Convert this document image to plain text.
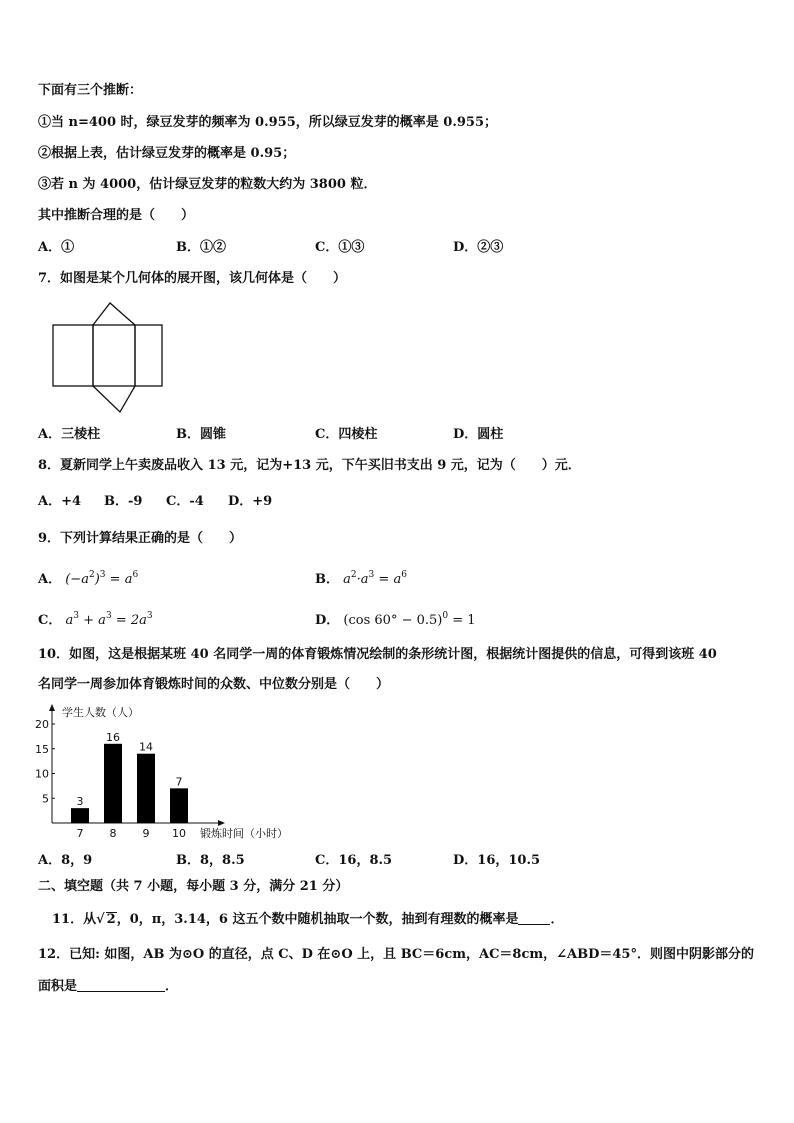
下面有三个推断：
①当 n=400 时，绿豆发芽的频率为 0.955，所以绿豆发芽的概率是 0.955；
②根据上表，估计绿豆发芽的概率是 0.95；
③若 n 为 4000，估计绿豆发芽的粒数大约为 3800 粒．
其中推断合理的是（　　）
A．①	B．①②	C．①③	D．②③
7．如图是某个几何体的展开图，该几何体是（　　）
A．三棱柱	B．圆锥	C．四棱柱	D．圆柱
8．夏新同学上午卖废品收入 13 元，记为+13 元，下午买旧书支出 9 元，记为（　　）元．
A．+4 B．-9 C．-4 D．+9
9．下列计算结果正确的是（　　）
A． $(-a^2)^3 = a^6$	B． $a^2\cdot a^3 = a^6$
C． $a^3 + a^3 = 2a^3$	D． (cos 60° − 0.5)$^0$ = 1
10．如图，这是根据某班 40 名同学一周的体育锻炼情况绘制的条形统计图，根据统计图提供的信息，可得到该班 40
名同学一周参加体育锻炼时间的众数、中位数分别是（　　）
学生人数（人）
锻炼时间（小时）
5
10
15
20
3
7
16
8
14
9
7
10
A．8，9	B．8，8.5	C．16，8.5	D．16，10.5
二、填空题（共 7 小题，每小题 3 分，满分 21 分）
11．从√ 2，0，π，3.14，6 这五个数中随机抽取一个数，抽到有理数的概率是 ．
12．已知: 如图，AB 为⊙O 的直径，点 C、D 在⊙O 上，且 BC＝6cm，AC＝8cm，∠ABD＝45°．则图中阴影部分的
面积是	．
